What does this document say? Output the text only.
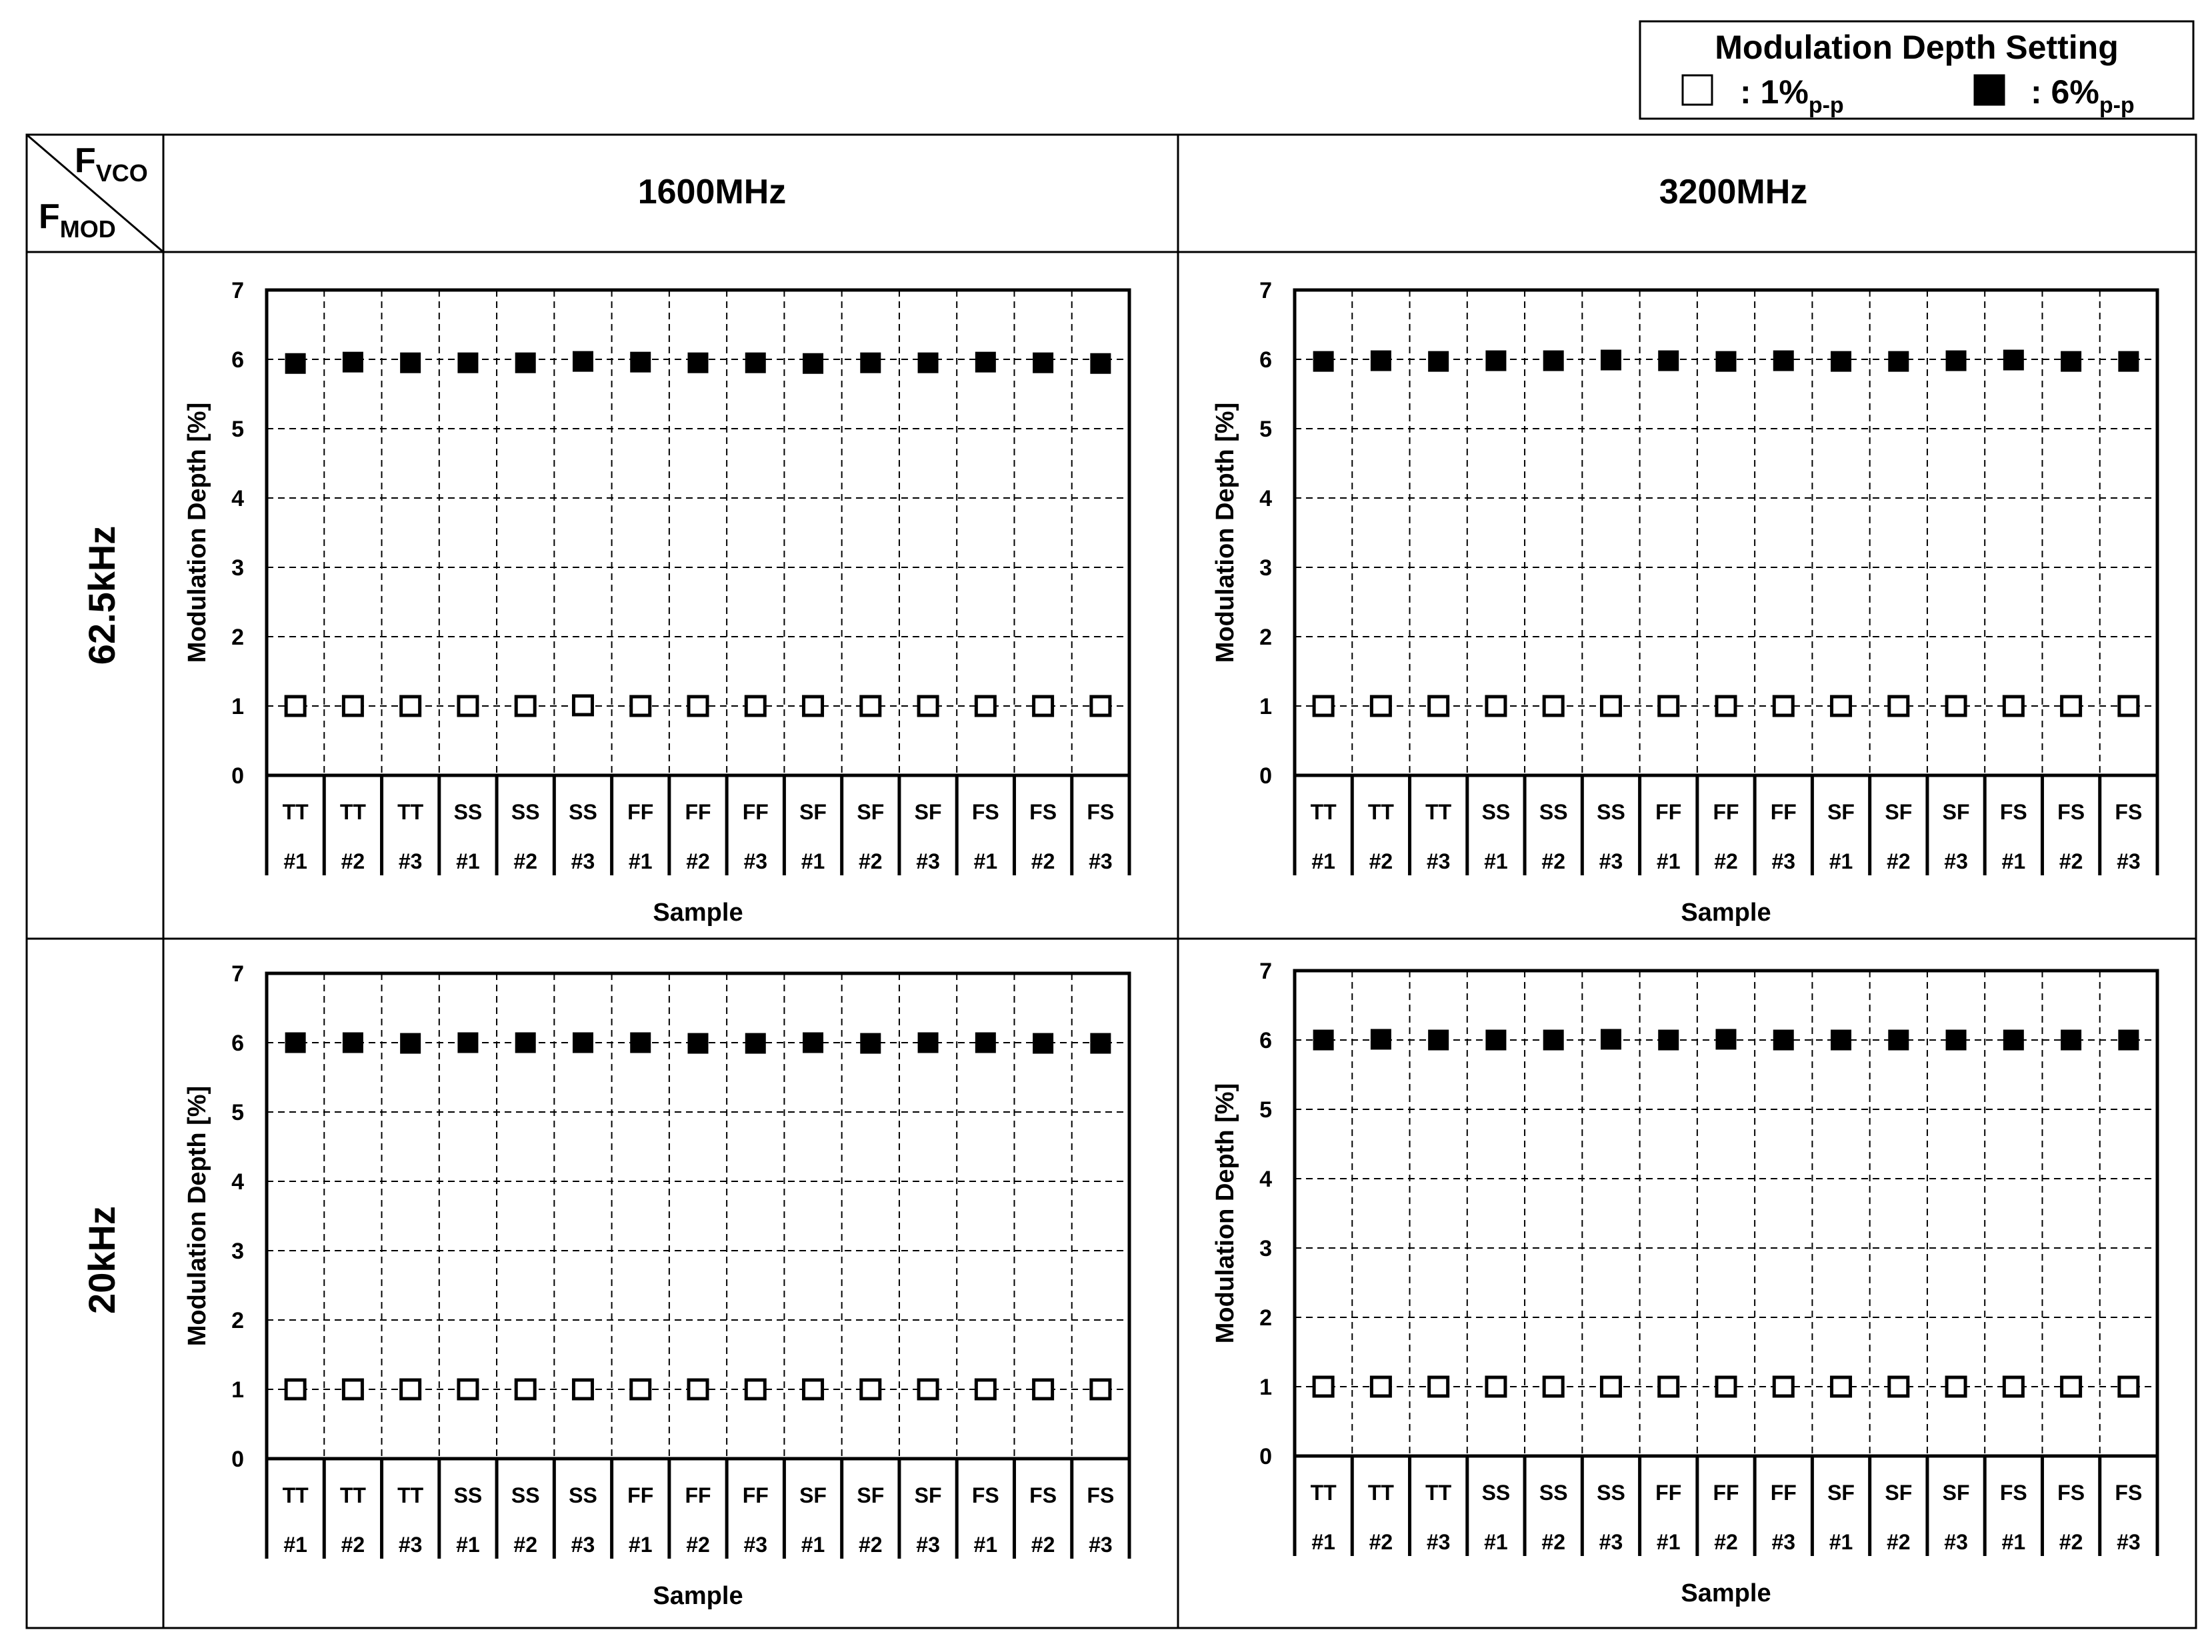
Modulation Depth Setting
: $1\%_{p-p}$	: $6\%_{p-p}$
$F_{VCO}$
$F_{MOD}$
1600MHz	3200MHz
62.5kHz
20kHz
0
1
2
3
4
5
6
7
Modulation Depth [%]
TT
#1
TT
#2
TT
#3
SS
#1
SS
#2
SS
#3
FF
#1
FF
#2
FF
#3
SF
#1
SF
#2
SF
#3
FS
#1
FS
#2
FS
#3
Sample
0
1
2
3
4
5
6
7
Modulation Depth [%]
TT
#1
TT
#2
TT
#3
SS
#1
SS
#2
SS
#3
FF
#1
FF
#2
FF
#3
SF
#1
SF
#2
SF
#3
FS
#1
FS
#2
FS
#3
Sample
0
1
2
3
4
5
6
7
Modulation Depth [%]
TT
#1
TT
#2
TT
#3
SS
#1
SS
#2
SS
#3
FF
#1
FF
#2
FF
#3
SF
#1
SF
#2
SF
#3
FS
#1
FS
#2
FS
#3
Sample
0
1
2
3
4
5
6
7
Modulation Depth [%]
TT
#1
TT
#2
TT
#3
SS
#1
SS
#2
SS
#3
FF
#1
FF
#2
FF
#3
SF
#1
SF
#2
SF
#3
FS
#1
FS
#2
FS
#3
Sample
